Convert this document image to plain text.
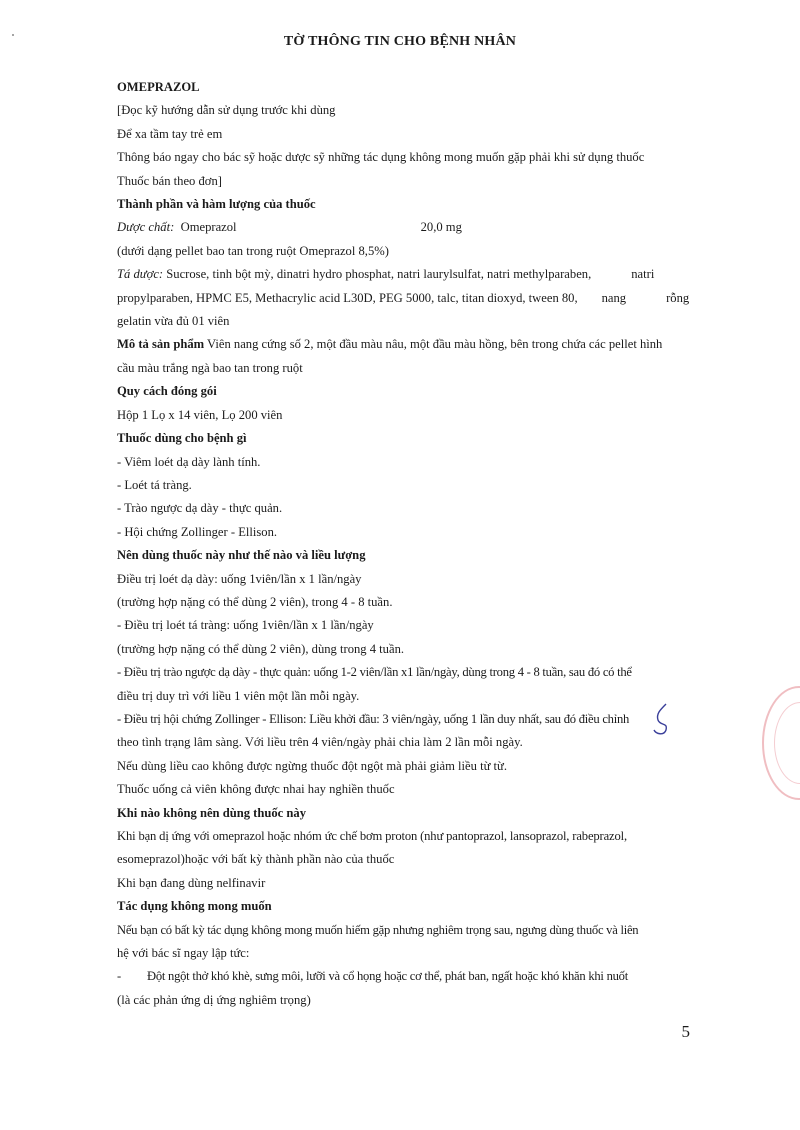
TỜ THÔNG TIN CHO BỆNH NHÂN
OMEPRAZOL
[Đọc kỹ hướng dẫn sử dụng trước khi dùng
Để xa tầm tay trẻ em
Thông báo ngay cho bác sỹ hoặc dược sỹ những tác dụng không mong muốn gặp phải khi sử dụng thuốc
Thuốc bán theo đơn]
Thành phần và hàm lượng của thuốc
Dược chất: Omeprazol	20,0 mg
(dưới dạng pellet bao tan trong ruột Omeprazol 8,5%)
Tá dược: Sucrose, tinh bột mỳ, dinatri hydro phosphat, natri laurylsulfat, natri methylparaben,	natri
propylparaben, HPMC E5, Methacrylic acid L30D, PEG 5000, talc, titan dioxyd, tween 80, nang	rỗng
gelatin vừa đủ 01 viên
Mô tả sản phẩm Viên nang cứng số 2, một đầu màu nâu, một đầu màu hồng, bên trong chứa các pellet hình
cầu màu trắng ngà bao tan trong ruột
Quy cách đóng gói
Hộp 1 Lọ x 14 viên, Lọ 200 viên
Thuốc dùng cho bệnh gì
- Viêm loét dạ dày lành tính.
- Loét tá tràng.
- Trào ngược dạ dày - thực quản.
- Hội chứng Zollinger - Ellison.
Nên dùng thuốc này như thế nào và liều lượng
Điều trị loét dạ dày: uống 1viên/lần x 1 lần/ngày
(trường hợp nặng có thể dùng 2 viên), trong 4 - 8 tuần.
- Điều trị loét tá tràng: uống 1viên/lần x 1 lần/ngày
(trường hợp nặng có thể dùng 2 viên), dùng trong 4 tuần.
- Điều trị trào ngược dạ dày - thực quản: uống 1-2 viên/lần x1 lần/ngày, dùng trong 4 - 8 tuần, sau đó có thể
điều trị duy trì với liều 1 viên một lần mỗi ngày.
- Điều trị hội chứng Zollinger - Ellison: Liều khởi đầu: 3 viên/ngày, uống 1 lần duy nhất, sau đó điều chỉnh
theo tình trạng lâm sàng. Với liều trên 4 viên/ngày phải chia làm 2 lần mỗi ngày.
Nếu dùng liều cao không được ngừng thuốc đột ngột mà phải giảm liều từ từ.
Thuốc uống cả viên không được nhai hay nghiền thuốc
Khi nào không nên dùng thuốc này
Khi bạn dị ứng với omeprazol hoặc nhóm ức chế bơm proton (như pantoprazol, lansoprazol, rabeprazol,
esomeprazol)hoặc với bất kỳ thành phần nào của thuốc
Khi bạn đang dùng nelfinavir
Tác dụng không mong muốn
Nếu bạn có bất kỳ tác dụng không mong muốn hiếm gặp nhưng nghiêm trọng sau, ngưng dùng thuốc và liên
hệ với bác sĩ ngay lập tức:
- Đột ngột thở khó khè, sưng môi, lưỡi và cổ họng hoặc cơ thể, phát ban, ngất hoặc khó khăn khi nuốt
(là các phản ứng dị ứng nghiêm trọng)
5
